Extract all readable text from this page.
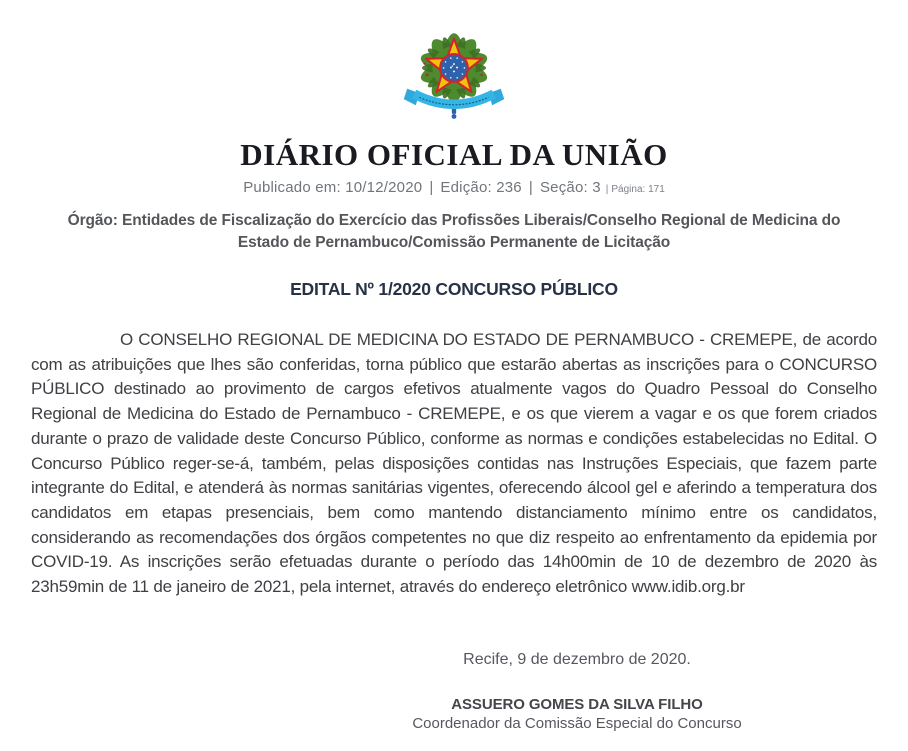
DIÁRIO OFICIAL DA UNIÃO
Publicado em: 10/12/2020 | Edição: 236 | Seção: 3 | Página: 171
Órgão: Entidades de Fiscalização do Exercício das Profissões Liberais/Conselho Regional de Medicina do Estado de Pernambuco/Comissão Permanente de Licitação
EDITAL Nº 1/2020 CONCURSO PÚBLICO

O CONSELHO REGIONAL DE MEDICINA DO ESTADO DE PERNAMBUCO - CREMEPE, de acordo com as atribuições que lhes são conferidas, torna público que estarão abertas as inscrições para o CONCURSO PÚBLICO destinado ao provimento de cargos efetivos atualmente vagos do Quadro Pessoal do Conselho Regional de Medicina do Estado de Pernambuco - CREMEPE, e os que vierem a vagar e os que forem criados durante o prazo de validade deste Concurso Público, conforme as normas e condições estabelecidas no Edital. O Concurso Público reger-se-á, também, pelas disposições contidas nas Instruções Especiais, que fazem parte integrante do Edital, e atenderá às normas sanitárias vigentes, oferecendo álcool gel e aferindo a temperatura dos candidatos em etapas presenciais, bem como mantendo distanciamento mínimo entre os candidatos, considerando as recomendações dos órgãos competentes no que diz respeito ao enfrentamento da epidemia por COVID-19. As inscrições serão efetuadas durante o período das 14h00min de 10 de dezembro de 2020 às 23h59min de 11 de janeiro de 2021, pela internet, através do endereço eletrônico www.idib.org.br

Recife, 9 de dezembro de 2020.

ASSUERO GOMES DA SILVA FILHO

Coordenador da Comissão Especial do Concurso
